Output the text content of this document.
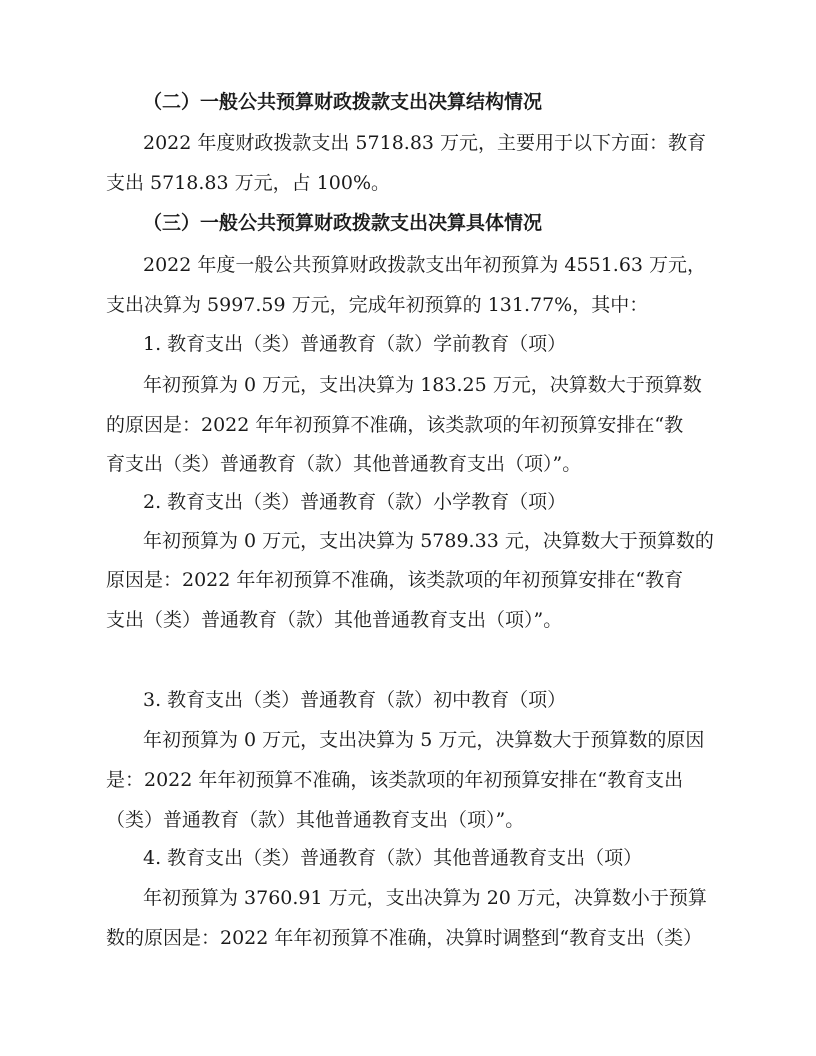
（二）一般公共预算财政拨款支出决算结构情况
2022 年度财政拨款支出 5718.83 万元，主要用于以下方面：教育
支出 5718.83 万元，占 100%。
（三）一般公共预算财政拨款支出决算具体情况
2022 年度一般公共预算财政拨款支出年初预算为 4551.63 万元，
支出决算为 5997.59 万元，完成年初预算的 131.77%，其中：
1. 教育支出（类）普通教育（款）学前教育（项）
年初预算为 0 万元，支出决算为 183.25 万元，决算数大于预算数
的原因是：2022 年年初预算不准确，该类款项的年初预算安排在“教
育支出（类）普通教育（款）其他普通教育支出（项）”。
2. 教育支出（类）普通教育（款）小学教育（项）
年初预算为 0 万元，支出决算为 5789.33 元，决算数大于预算数的
原因是：2022 年年初预算不准确，该类款项的年初预算安排在“教育
支出（类）普通教育（款）其他普通教育支出（项）”。
3. 教育支出（类）普通教育（款）初中教育（项）
年初预算为 0 万元，支出决算为 5 万元，决算数大于预算数的原因
是：2022 年年初预算不准确，该类款项的年初预算安排在“教育支出
（类）普通教育（款）其他普通教育支出（项）”。
4. 教育支出（类）普通教育（款）其他普通教育支出（项）
年初预算为 3760.91 万元，支出决算为 20 万元，决算数小于预算
数的原因是：2022 年年初预算不准确，决算时调整到“教育支出（类）
